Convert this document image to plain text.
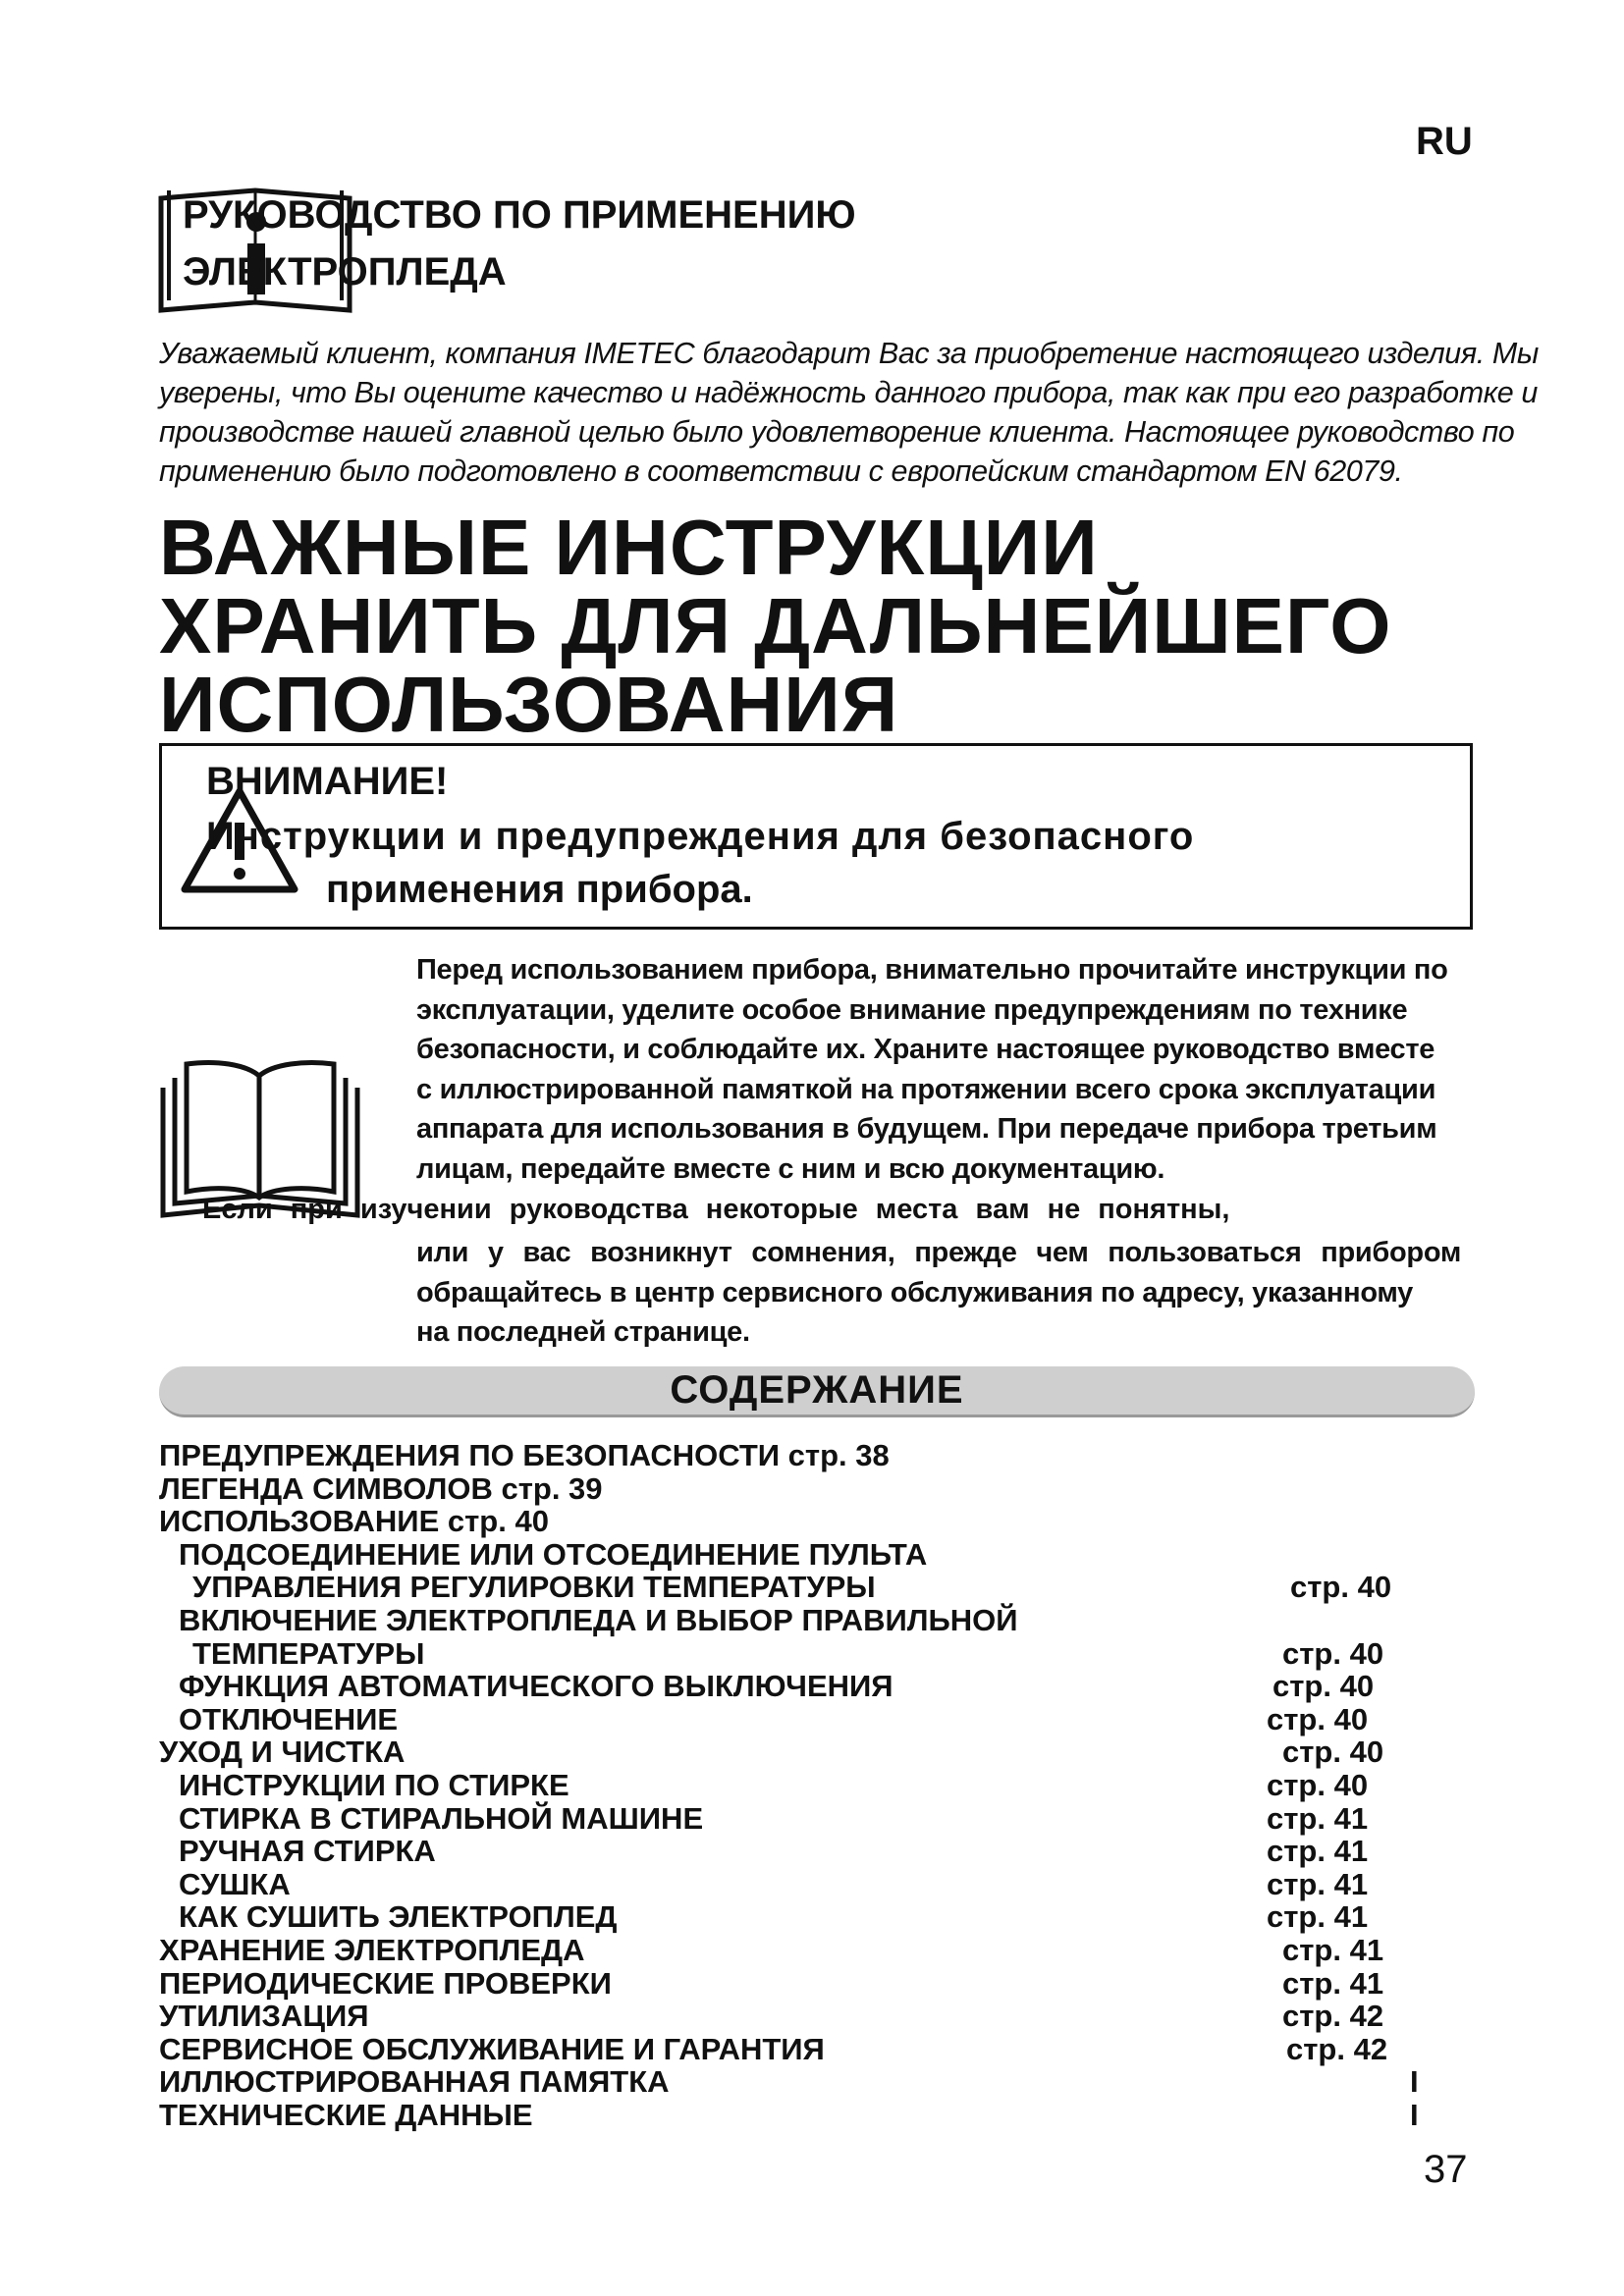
RU
РУКОВОДСТВО ПО ПРИМЕНЕНИЮ
ЭЛЕКТРОПЛЕДА
Уважаемый клиент, компания IMETEC благодарит Вас за приобретение настоящего изделия. Мы
уверены, что Вы оцените качество и надёжность данного прибора, так как при его разработке и
производстве нашей главной целью было удовлетворение клиента. Настоящее руководство по
применению было подготовлено в соответствии с европейским стандартом EN 62079.
ВАЖНЫЕ ИНСТРУКЦИИ
ХРАНИТЬ ДЛЯ ДАЛЬНЕЙШЕГО
ИСПОЛЬЗОВАНИЯ
ВНИМАНИЕ!
Инструкции и предупреждения для безопасного
применения прибора.
Перед использованием прибора, внимательно прочитайте инструкции по
эксплуатации, уделите особое внимание предупреждениям по технике
безопасности, и соблюдайте их. Храните настоящее руководство вместе
с иллюстрированной памяткой на протяжении всего срока эксплуатации
аппарата для использования в будущем. При передаче прибора третьим
лицам, передайте вместе с ним и всю документацию.
Если при изучении руководства некоторые места вам не понятны,
или у вас возникнут сомнения, прежде чем пользоваться прибором
обращайтесь в центр сервисного обслуживания по адресу, указанному
на последней странице.
СОДЕРЖАНИЕ
ПРЕДУПРЕЖДЕНИЯ ПО БЕЗОПАСНОСТИ стр. 38
ЛЕГЕНДА СИМВОЛОВ стр. 39
ИСПОЛЬЗОВАНИЕ стр. 40
ПОДСОЕДИНЕНИЕ ИЛИ ОТСОЕДИНЕНИЕ ПУЛЬТА
УПРАВЛЕНИЯ РЕГУЛИРОВКИ ТЕМПЕРАТУРЫ	стр. 40
ВКЛЮЧЕНИЕ ЭЛЕКТРОПЛЕДА И ВЫБОР ПРАВИЛЬНОЙ
ТЕМПЕРАТУРЫ	стр. 40
ФУНКЦИЯ АВТОМАТИЧЕСКОГО ВЫКЛЮЧЕНИЯ	стр. 40
ОТКЛЮЧЕНИЕ	стр. 40
УХОД И ЧИСТКА	стр. 40
ИНСТРУКЦИИ ПО СТИРКЕ	стр. 40
СТИРКА В СТИРАЛЬНОЙ МАШИНЕ	стр. 41
РУЧНАЯ СТИРКА	стр. 41
СУШКА	стр. 41
КАК СУШИТЬ ЭЛЕКТРОПЛЕД	стр. 41
ХРАНЕНИЕ ЭЛЕКТРОПЛЕДА	стр. 41
ПЕРИОДИЧЕСКИЕ ПРОВЕРКИ	стр. 41
УТИЛИЗАЦИЯ	стр. 42
СЕРВИСНОЕ ОБСЛУЖИВАНИЕ И ГАРАНТИЯ	стр. 42
ИЛЛЮСТРИРОВАННАЯ ПАМЯТКА	I
ТЕХНИЧЕСКИЕ ДАННЫЕ	I
37
